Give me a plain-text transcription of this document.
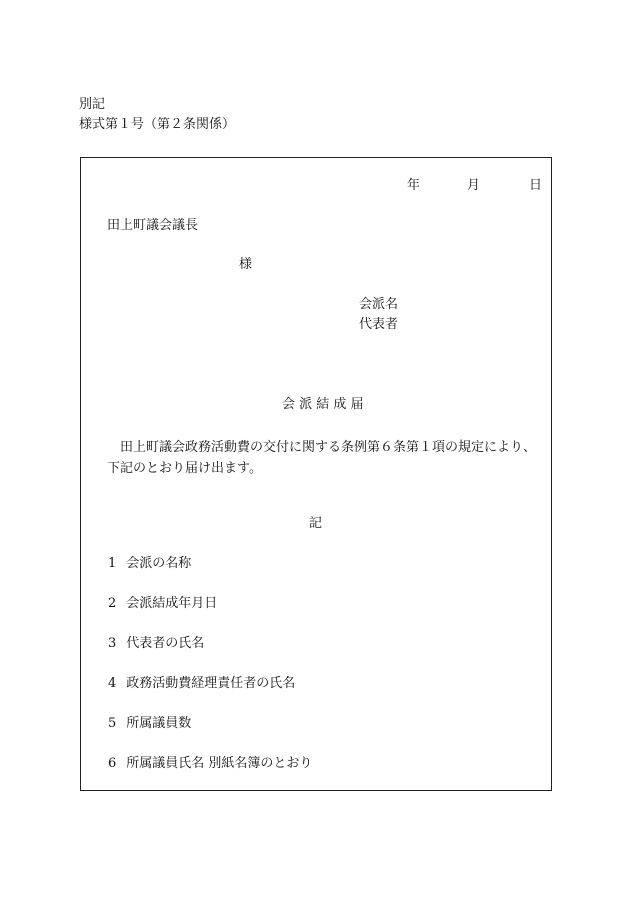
別記
様式第１号（第２条関係）
年	月	日
田上町議会議長
様
会派名
代表者
会 派 結 成 届
田上町議会政務活動費の交付に関する条例第６条第１項の規定により、下記のとおり届け出ます。
記
1 会派の名称
2 会派結成年月日
3 代表者の氏名
4 政務活動費経理責任者の氏名
5 所属議員数
6 所属議員氏名 別紙名簿のとおり
